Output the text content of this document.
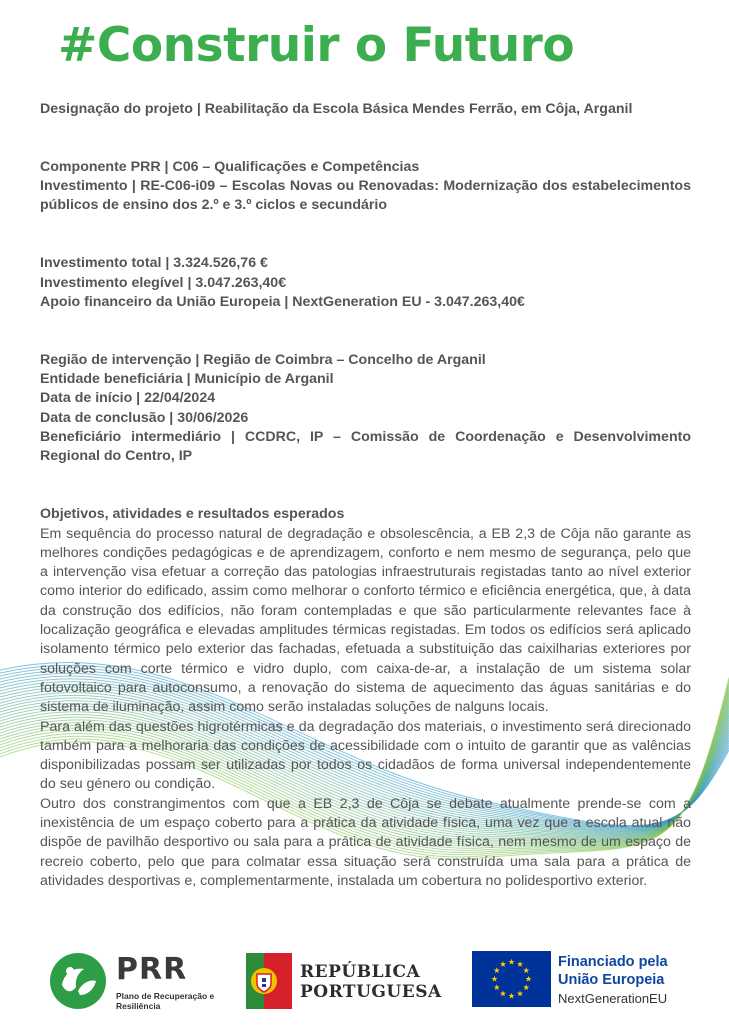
#Construir o Futuro

Designação do projeto | Reabilitação da Escola Básica Mendes Ferrão, em Côja, Arganil

Componente PRR | C06 – Qualificações e Competências

Investimento | RE-C06-i09 – Escolas Novas ou Renovadas: Modernização dos estabelecimentos públicos de ensino dos 2.º e 3.º ciclos e secundário

Investimento total | 3.324.526,76 €

Investimento elegível | 3.047.263,40€

Apoio financeiro da União Europeia | NextGeneration EU - 3.047.263,40€

Região de intervenção | Região de Coimbra – Concelho de Arganil

Entidade beneficiária | Município de Arganil

Data de início | 22/04/2024

Data de conclusão | 30/06/2026

Beneficiário intermediário | CCDRC, IP – Comissão de Coordenação e Desenvolvimento Regional do Centro, IP

Objetivos, atividades e resultados esperados

Em sequência do processo natural de degradação e obsolescência, a EB 2,3 de Côja não garante as melhores condições pedagógicas e de aprendizagem, conforto e nem mesmo de segurança, pelo que a intervenção visa efetuar a correção das patologias infraestruturais registadas tanto ao nível exterior como interior do edificado, assim como melhorar o conforto térmico e eficiência energética, que, à data da construção dos edifícios, não foram contempladas e que são particularmente relevantes face à localização geográfica e elevadas amplitudes térmicas registadas. Em todos os edifícios será aplicado isolamento térmico pelo exterior das fachadas, efetuada a substituição das caixilharias exteriores por soluções com corte térmico e vidro duplo, com caixa-de-ar, a instalação de um sistema solar fotovoltaico para autoconsumo, a renovação do sistema de aquecimento das águas sanitárias e do sistema de iluminação, assim como serão instaladas soluções de nalguns locais.

Para além das questões higrotérmicas e da degradação dos materiais, o investimento será direcionado também para a melhoraria das condições de acessibilidade com o intuito de garantir que as valências disponibilizadas possam ser utilizadas por todos os cidadãos de forma universal independentemente do seu género ou condição.

Outro dos constrangimentos com que a EB 2,3 de Côja se debate atualmente prende-se com a inexistência de um espaço coberto para a prática da atividade física, uma vez que a escola atual não dispõe de pavilhão desportivo ou sala para a prática de atividade física, nem mesmo de um espaço de recreio coberto, pelo que para colmatar essa situação será construída uma sala para a prática de atividades desportivas e, complementarmente, instalada um cobertura no polidesportivo exterior.

PRR
Plano de Recuperação e Resiliência
REPÚBLICA
PORTUGUESA
Financiado pela
União Europeia
NextGenerationEU
